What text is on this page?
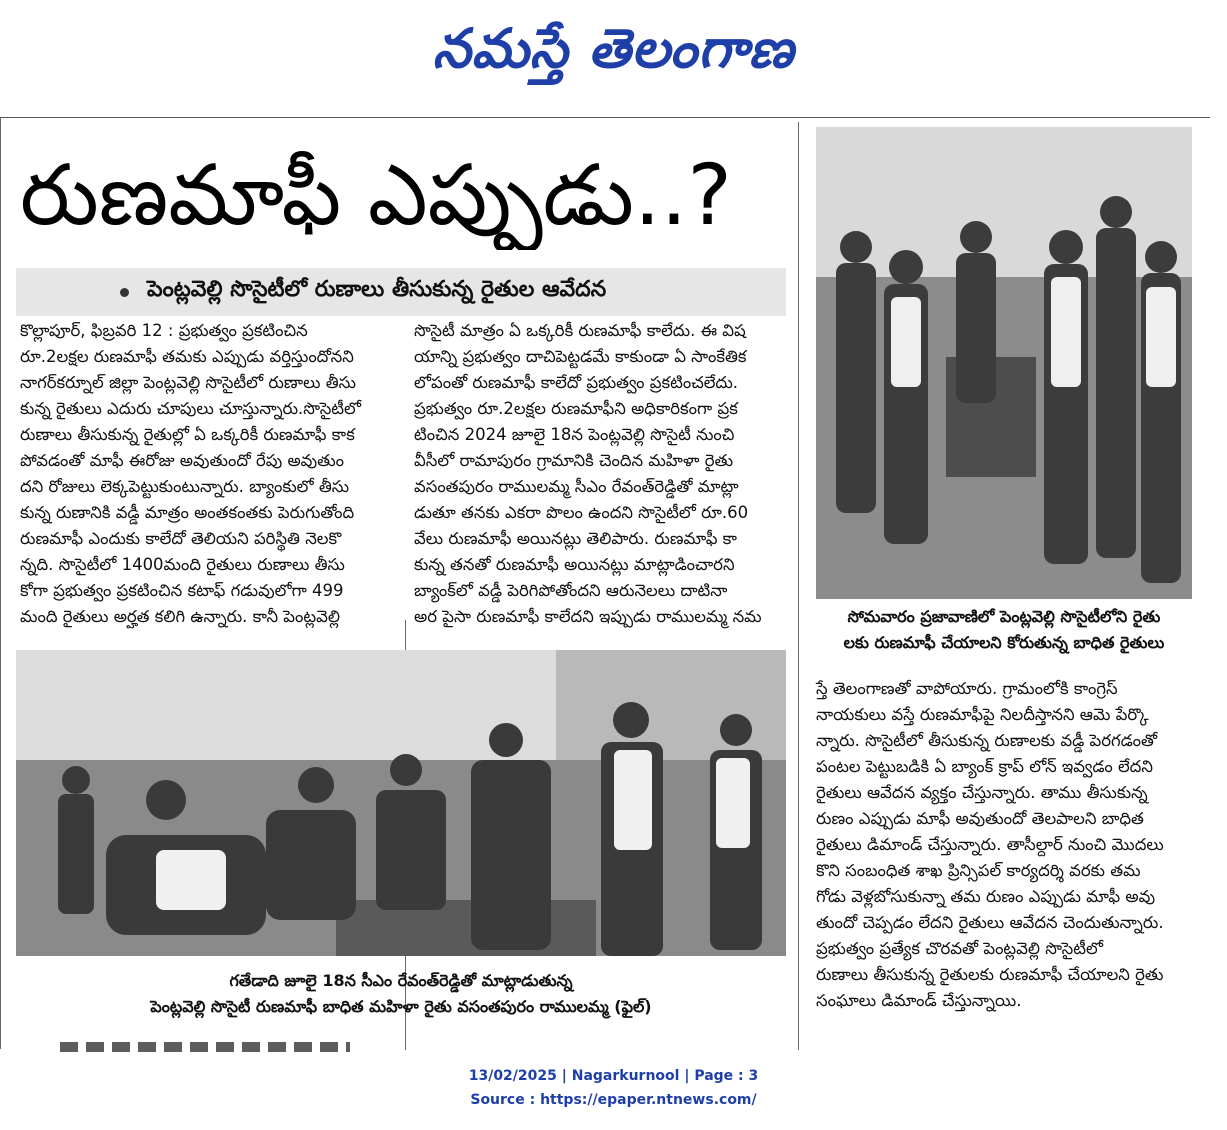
నమస్తే తెలంగాణ
రుణమాఫీ ఎప్పుడు..?
పెంట్లవెల్లి సొసైటీలో రుణాలు తీసుకున్న రైతుల ఆవేదన

కొల్లాపూర్, ఫిబ్రవరి 12 : ప్రభుత్వం ప్రకటించిన

రూ.2లక్షల రుణమాఫీ తమకు ఎప్పుడు వర్తిస్తుందోనని

నాగర్‌కర్నూల్ జిల్లా పెంట్లవెల్లి సొసైటీలో రుణాలు తీసు

కున్న రైతులు ఎదురు చూపులు చూస్తున్నారు.సొసైటీలో

రుణాలు తీసుకున్న రైతుల్లో ఏ ఒక్కరికీ రుణమాఫీ కాక

పోవడంతో మాఫీ ఈరోజు అవుతుందో రేపు అవుతుం

దని రోజులు లెక్కపెట్టుకుంటున్నారు. బ్యాంకులో తీసు

కున్న రుణానికి వడ్డీ మాత్రం అంతకంతకు పెరుగుతోంది

రుణమాఫీ ఎందుకు కాలేదో తెలియని పరిస్థితి నెలకొ

న్నది. సొసైటీలో 1400మంది రైతులు రుణాలు తీసు

కోగా ప్రభుత్వం ప్రకటించిన కటాఫ్ గడువులోగా 499

మంది రైతులు అర్హత కలిగి ఉన్నారు. కానీ పెంట్లవెల్లి

సొసైటీ మాత్రం ఏ ఒక్కరికీ రుణమాఫీ కాలేదు. ఈ విష

యాన్ని ప్రభుత్వం దాచిపెట్టడమే కాకుండా ఏ సాంకేతిక

లోపంతో రుణమాఫీ కాలేదో ప్రభుత్వం ప్రకటించలేదు.

ప్రభుత్వం రూ.2లక్షల రుణమాఫీని అధికారికంగా ప్రక

టించిన 2024 జూలై 18న పెంట్లవెల్లి సొసైటీ నుంచి

వీసీలో రామాపురం గ్రామానికి చెందిన మహిళా రైతు

వసంతపురం రాములమ్మ సీఎం రేవంత్‌రెడ్డితో మాట్లా

డుతూ తనకు ఎకరా పొలం ఉందని సొసైటీలో రూ.60

వేలు రుణమాఫీ అయినట్లు తెలిపారు. రుణమాఫీ కా

కున్న తనతో రుణమాఫీ అయినట్లు మాట్లాడించారని

బ్యాంక్‌లో వడ్డీ పెరిగిపోతోందని ఆరునెలలు దాటినా

అర పైసా రుణమాఫీ కాలేదని ఇప్పుడు రాములమ్మ నమ	సోమవారం ప్రజావాణిలో పెంట్లవెల్లి సొసైటీలోని రైతు
లకు రుణమాఫీ చేయాలని కోరుతున్న బాధిత రైతులు
గతేడాది జూలై 18న సీఎం రేవంత్‌రెడ్డితో మాట్లాడుతున్న
పెంట్లవెల్లి సొసైటీ రుణమాఫీ బాధిత మహిళా రైతు వసంతపురం రాములమ్మ (ఫైల్)

స్తే తెలంగాణతో వాపోయారు. గ్రామంలోకి కాంగ్రెస్

నాయకులు వస్తే రుణమాఫీపై నిలదీస్తానని ఆమె పేర్కొ

న్నారు. సొసైటీలో తీసుకున్న రుణాలకు వడ్డీ పెరగడంతో

పంటల పెట్టుబడికి ఏ బ్యాంక్ క్రాప్ లోన్ ఇవ్వడం లేదని

రైతులు ఆవేదన వ్యక్తం చేస్తున్నారు. తాము తీసుకున్న

రుణం ఎప్పుడు మాఫీ అవుతుందో తెలపాలని బాధిత

రైతులు డిమాండ్ చేస్తున్నారు. తాసీల్దార్ నుంచి మొదలు

కొని సంబంధిత శాఖ ప్రిన్సిపల్ కార్యదర్శి వరకు తమ

గోడు వెళ్లబోసుకున్నా తమ రుణం ఎప్పుడు మాఫీ అవు

తుందో చెప్పడం లేదని రైతులు ఆవేదన చెందుతున్నారు.

ప్రభుత్వం ప్రత్యేక చొరవతో పెంట్లవెల్లి సొసైటీలో

రుణాలు తీసుకున్న రైతులకు రుణమాఫీ చేయాలని రైతు

సంఘాలు డిమాండ్ చేస్తున్నాయి.

13/02/2025 | Nagarkurnool | Page : 3
Source : https://epaper.ntnews.com/
